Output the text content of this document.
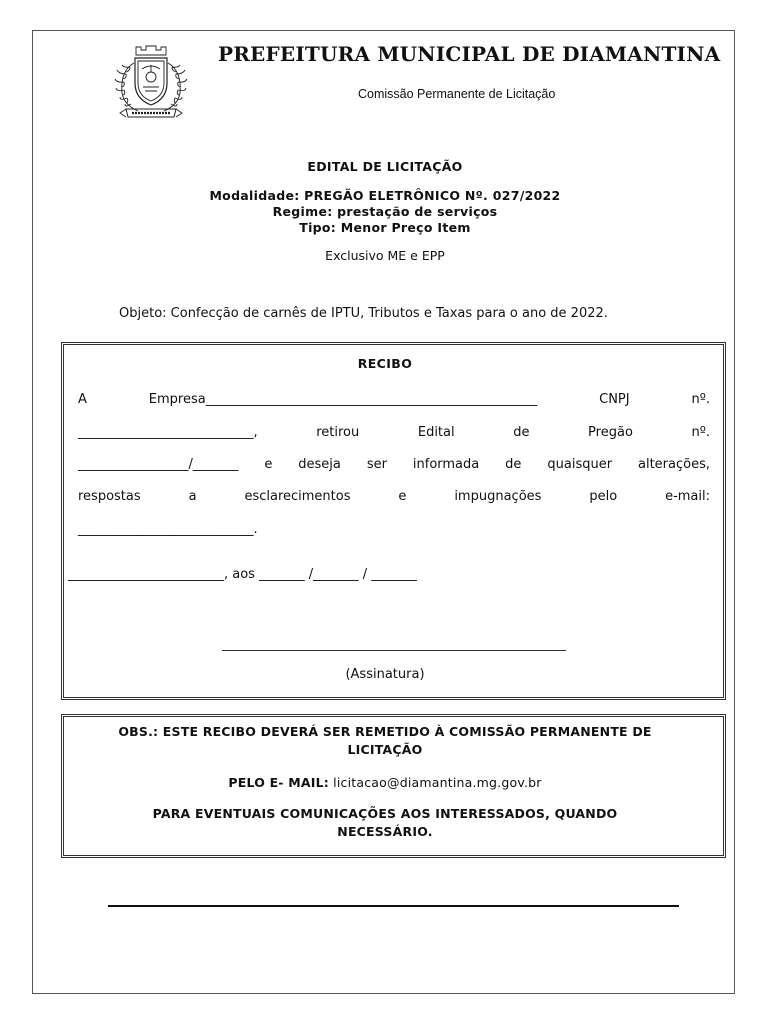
PREFEITURA MUNICIPAL DE DIAMANTINA
Comissão Permanente de Licitação
EDITAL DE LICITAÇÃO
Modalidade: PREGÃO ELETRÔNICO Nº. 027/2022
Regime: prestação de serviços
Tipo: Menor Preço Item
Exclusivo ME e EPP
Objeto: Confecção de carnês de IPTU, Tributos e Taxas para o ano de 2022.
RECIBO
A Empresa___________________________________________________ CNPJ nº.
___________________________, retirou Edital de Pregão nº.
_________________/_______ e deseja ser informada de quaisquer alterações,
respostas a esclarecimentos e impugnações pelo e-mail:
___________________________.
________________________, aos _______ /_______ / _______
(Assinatura)
OBS.: ESTE RECIBO DEVERÁ SER REMETIDO À COMISSÃO PERMANENTE DE
LICITAÇÃO
PELO E- MAIL: licitacao@diamantina.mg.gov.br
PARA EVENTUAIS COMUNICAÇÕES AOS INTERESSADOS, QUANDO
NECESSÁRIO.
